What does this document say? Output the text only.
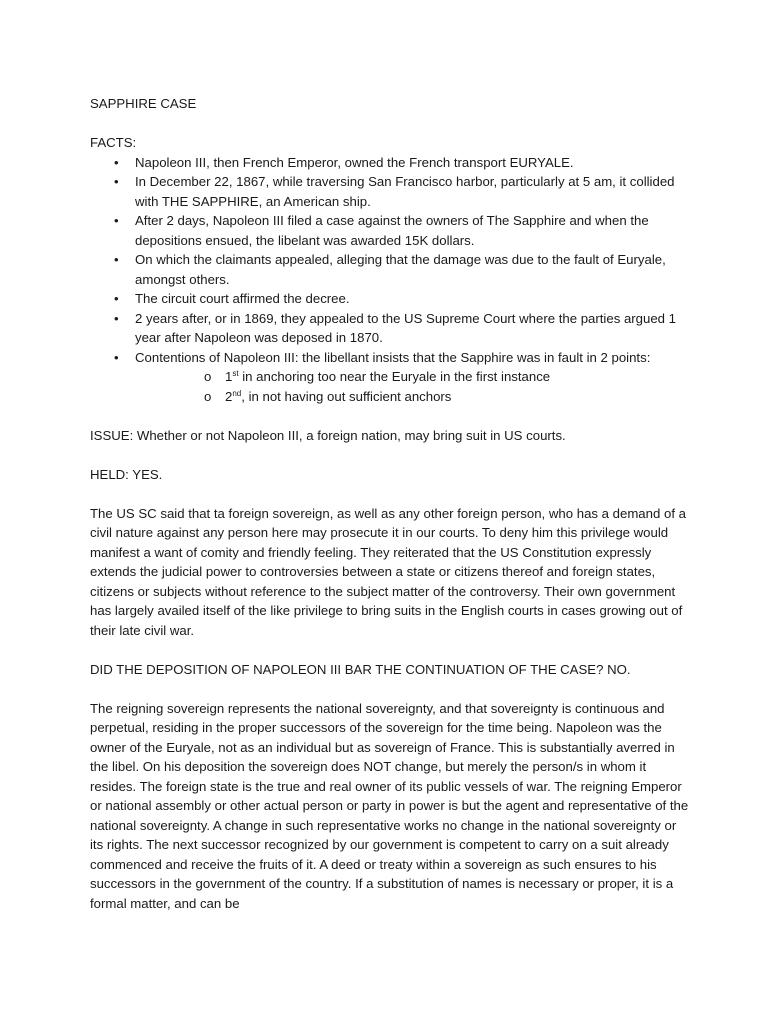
SAPPHIRE CASE

FACTS:

• Napoleon III, then French Emperor, owned the French transport EURYALE.
• In December 22, 1867, while traversing San Francisco harbor, particularly at 5 am, it collided with THE SAPPHIRE, an American ship.
• After 2 days, Napoleon III filed a case against the owners of The Sapphire and when the depositions ensued, the libelant was awarded 15K dollars.
• On which the claimants appealed, alleging that the damage was due to the fault of Euryale, amongst others.
• The circuit court affirmed the decree.
• 2 years after, or in 1869, they appealed to the US Supreme Court where the parties argued 1 year after Napoleon was deposed in 1870.
• Contentions of Napoleon III: the libellant insists that the Sapphire was in fault in 2 points:
o 1st in anchoring too near the Euryale in the first instance
o 2nd, in not having out sufficient anchors

ISSUE: Whether or not Napoleon III, a foreign nation, may bring suit in US courts.

HELD: YES.

The US SC said that ta foreign sovereign, as well as any other foreign person, who has a demand of a civil nature against any person here may prosecute it in our courts. To deny him this privilege would manifest a want of comity and friendly feeling. They reiterated that the US Constitution expressly extends the judicial power to controversies between a state or citizens thereof and foreign states, citizens or subjects without reference to the subject matter of the controversy. Their own government has largely availed itself of the like privilege to bring suits in the English courts in cases growing out of their late civil war.

DID THE DEPOSITION OF NAPOLEON III BAR THE CONTINUATION OF THE CASE? NO.

The reigning sovereign represents the national sovereignty, and that sovereignty is continuous and perpetual, residing in the proper successors of the sovereign for the time being. Napoleon was the owner of the Euryale, not as an individual but as sovereign of France. This is substantially averred in the libel. On his deposition the sovereign does NOT change, but merely the person/s in whom it resides. The foreign state is the true and real owner of its public vessels of war. The reigning Emperor or national assembly or other actual person or party in power is but the agent and representative of the national sovereignty. A change in such representative works no change in the national sovereignty or its rights. The next successor recognized by our government is competent to carry on a suit already commenced and receive the fruits of it. A deed or treaty within a sovereign as such ensures to his successors in the government of the country. If a substitution of names is necessary or proper, it is a formal matter, and can be
